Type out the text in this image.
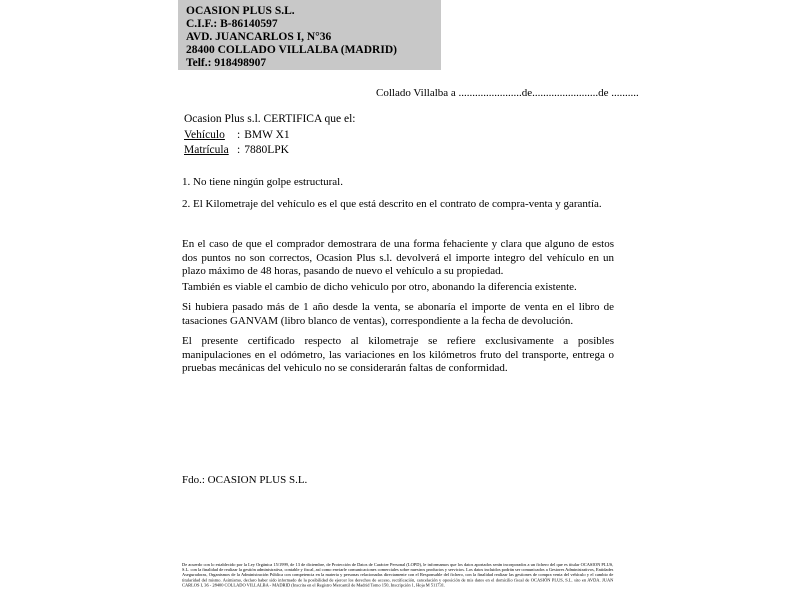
OCASION PLUS S.L.
C.I.F.: B-86140597
AVD. JUANCARLOS I, N°36
28400 COLLADO VILLALBA (MADRID)
Telf.: 918498907
Collado Villalba a .......................de........................de ..........
Ocasion Plus s.l. CERTIFICA que el:
Vehículo : BMW X1
Matrícula : 7880LPK
1. No tiene ningún golpe estructural.
2. El Kilometraje del vehículo es el que está descrito en el contrato de compra-venta y garantía.
En el caso de que el comprador demostrara de una forma fehaciente y clara que alguno de estos dos puntos no son correctos, Ocasion Plus s.l. devolverá el importe integro del vehículo en un plazo máximo de 48 horas, pasando de nuevo el vehículo a su propiedad.
También es viable el cambio de dicho vehiculo por otro, abonando la diferencia existente.
Si hubiera pasado más de 1 año desde la venta, se abonaría el importe de venta en el libro de tasaciones GANVAM (libro blanco de ventas), correspondiente a la fecha de devolución.
El presente certificado respecto al kilometraje se refiere exclusivamente a posibles manipulaciones en el odómetro, las variaciones en los kilómetros fruto del transporte, entrega o pruebas mecánicas del vehiculo no se considerarán faltas de conformidad.
Fdo.: OCASION PLUS S.L.
De acuerdo con lo establecido por la Ley Orgánica 15/1999, de 13 de diciembre, de Protección de Datos de Carácter Personal (LOPD), le informamos que los datos aportados serán incorporados a un fichero del que es titular OCASION PLUS, S.L. con la finalidad de realizar la gestión administrativa, contable y fiscal, así como enviarle comunicaciones comerciales sobre nuestros productos y servicios. Los datos incluidos podrán ser comunicados a Gestores Administrativos, Entidades Aseguradoras, Organismos de la Administración Pública con competencia en la materia y personas relacionadas directamente con el Responsable del fichero, con la finalidad realizar las gestiones de compra venta del vehículo y el cambio de titularidad del mismo. Asimismo, declaro haber sido informado de la posibilidad de ejercer los derechos de acceso, rectificación, cancelación y oposición de mis datos en el domicilio fiscal de OCASIÓN PLUS, S.L. sito en AVDA. JUAN CARLOS I, 36 - 28400 COLLADO VILLALBA - MADRID (Inscrita en el Registro Mercantil de Madrid Tomo 150, Inscripción 1, Hoja M 511731.
